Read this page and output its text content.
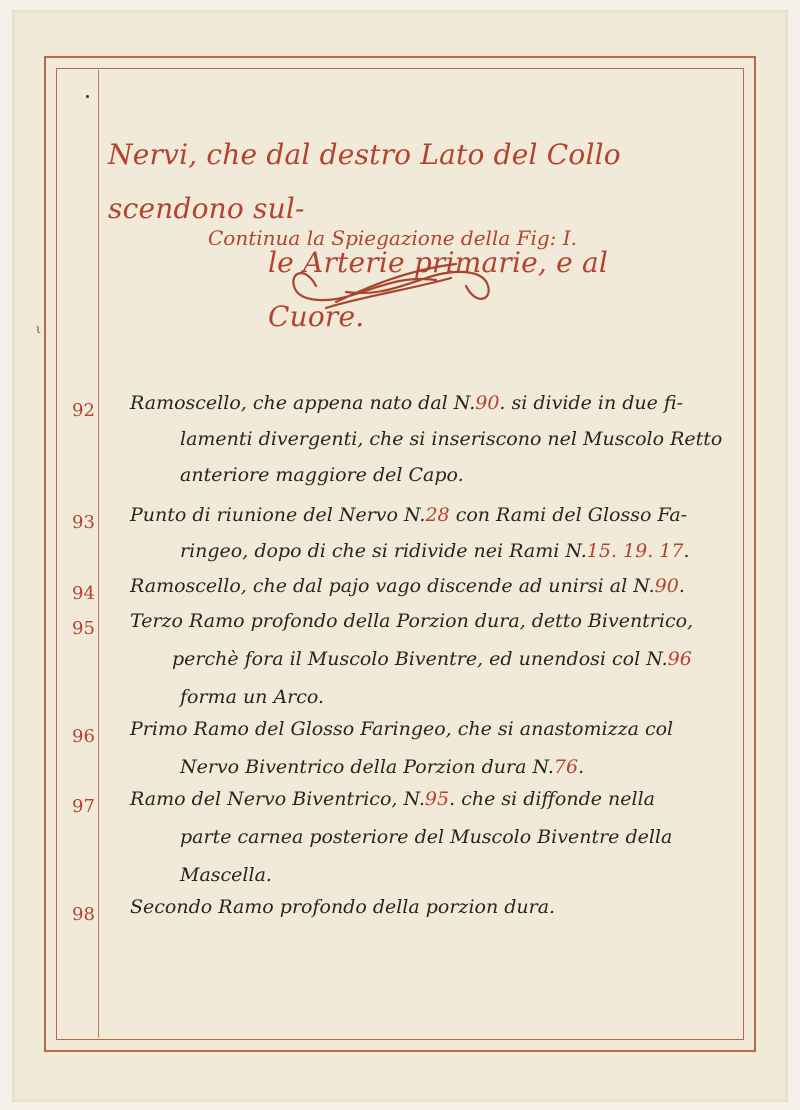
ι
Nervi, che dal destro Lato del Collo scendono sul-
le Arterie primarie, e al Cuore.
Continua la Spiegazione della Fig: I.
92	Ramoscello, che appena nato dal N.90. si divide in due fi-
lamenti divergenti, che si inseriscono nel Muscolo Retto
anteriore maggiore del Capo.
93	Punto di riunione del Nervo N.28 con Rami del Glosso Fa-
ringeo, dopo di che si ridivide nei Rami N.15. 19. 17.
94	Ramoscello, che dal pajo vago discende ad unirsi al N.90.
95	Terzo Ramo profondo della Porzion dura, detto Biventrico,
perchè fora il Muscolo Biventre, ed unendosi col N.96
forma un Arco.
96	Primo Ramo del Glosso Faringeo, che si anastomizza col
Nervo Biventrico della Porzion dura N.76.
97	Ramo del Nervo Biventrico, N.95. che si diffonde nella
parte carnea posteriore del Muscolo Biventre della
Mascella.
98	Secondo Ramo profondo della porzion dura.
